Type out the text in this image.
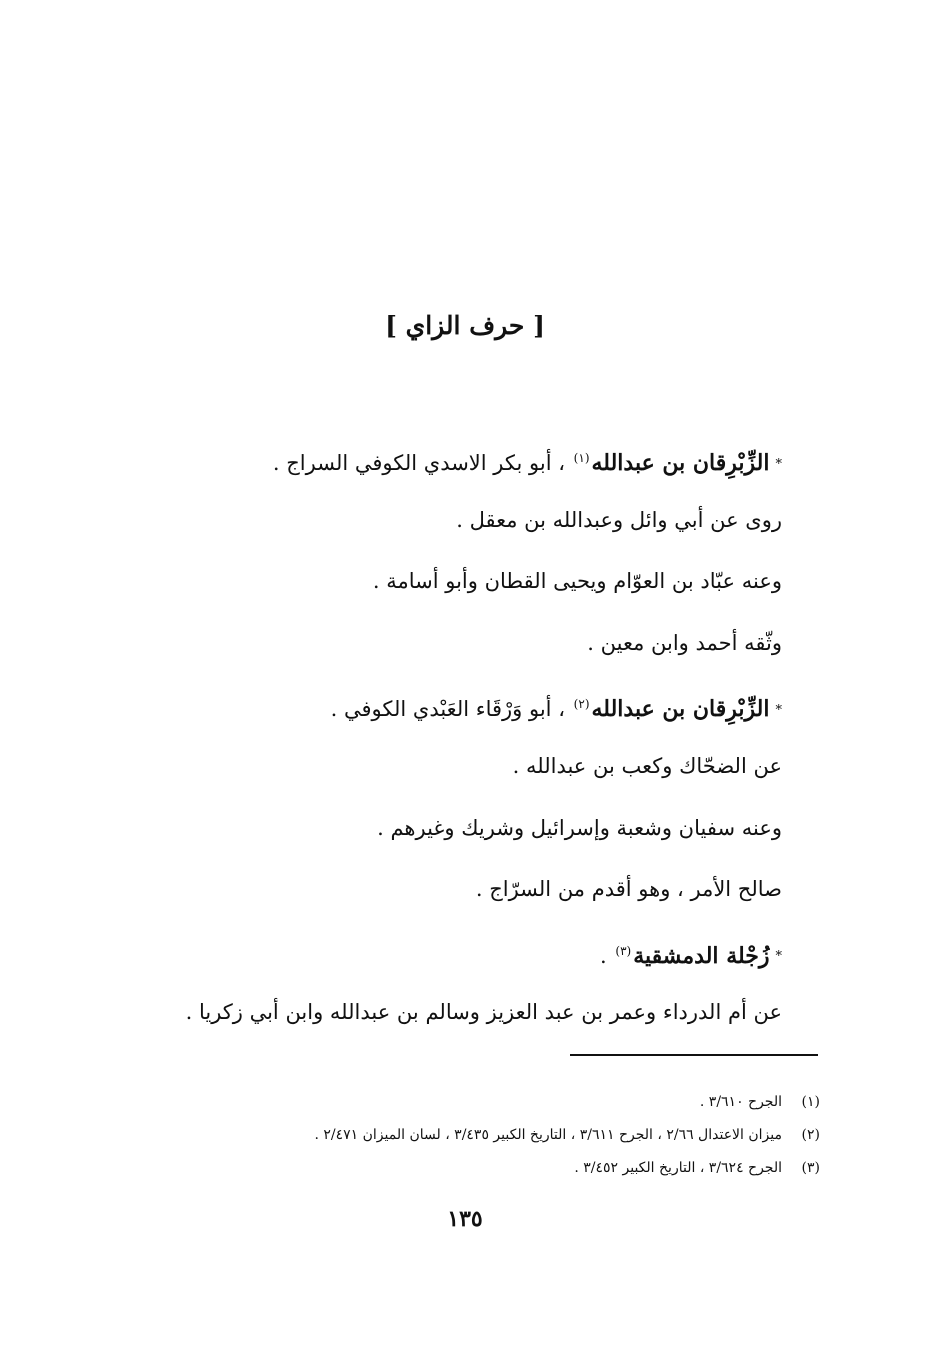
[ حرف الزاي ]
*الزِّبْرِقان بن عبدالله$^{(١)}$ ، أبو بكر الاسدي الكوفي السراج .
روى عن أبي وائل وعبدالله بن معقل .
وعنه عبّاد بن العوّام ويحيى القطان وأبو أسامة .
وثّقه أحمد وابن معين .
*الزِّبْرِقان بن عبدالله$^{(٢)}$ ، أبو وَرْقَاء العَبْدي الكوفي .
عن الضحّاك وكعب بن عبدالله .
وعنه سفيان وشعبة وإسرائيل وشريك وغيرهم .
صالح الأمر ، وهو أقدم من السرّاج .
*زُجْلة الدمشقية$^{(٣)}$ .
عن أم الدرداء وعمر بن عبد العزيز وسالم بن عبدالله وابن أبي زكريا .
(١)الجرح ٣/٦١٠ .
(٢)ميزان الاعتدال ٢/٦٦ ، الجرح ٣/٦١١ ، التاريخ الكبير ٣/٤٣٥ ، لسان الميزان ٢/٤٧١ .
(٣)الجرح ٣/٦٢٤ ، التاريخ الكبير ٣/٤٥٢ .
١٣٥
